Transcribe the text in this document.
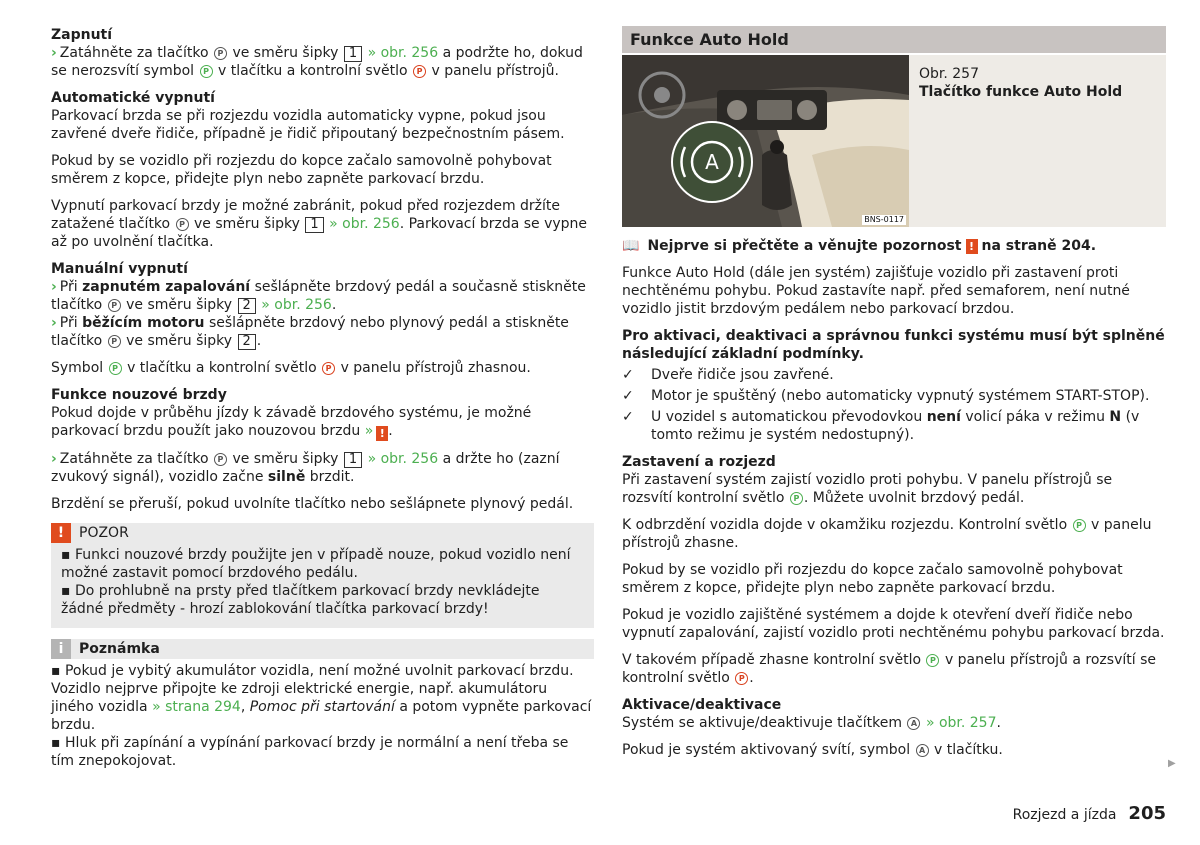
Zapnutí

› Zatáhněte za tlačítko P ve směru šipky 1 » obr. 256 a podržte ho, dokud se nerozsvítí symbol P v tlačítku a kontrolní světlo P v panelu přístrojů.

Automatické vypnutí

Parkovací brzda se při rozjezdu vozidla automaticky vypne, pokud jsou zavřené dveře řidiče, případně je řidič připoutaný bezpečnostním pásem.

Pokud by se vozidlo při rozjezdu do kopce začalo samovolně pohybovat směrem z kopce, přidejte plyn nebo zapněte parkovací brzdu.

Vypnutí parkovací brzdy je možné zabránit, pokud před rozjezdem držíte zatažené tlačítko P ve směru šipky 1 » obr. 256. Parkovací brzda se vypne až po uvolnění tlačítka.

Manuální vypnutí

› Při zapnutém zapalování sešlápněte brzdový pedál a současně stiskněte tlačítko P ve směru šipky 2 » obr. 256.

› Při běžícím motoru sešlápněte brzdový nebo plynový pedál a stiskněte tlačítko P ve směru šipky 2 .

Symbol P v tlačítku a kontrolní světlo P v panelu přístrojů zhasnou.

Funkce nouzové brzdy

Pokud dojde v průběhu jízdy k závadě brzdového systému, je možné parkovací brzdu použít jako nouzovou brzdu » ! .

› Zatáhněte za tlačítko P ve směru šipky 1 » obr. 256 a držte ho (zazní zvukový signál), vozidlo začne silně brzdit.

Brzdění se přeruší, pokud uvolníte tlačítko nebo sešlápnete plynový pedál.

!	POZOR

▪ Funkci nouzové brzdy použijte jen v případě nouze, pokud vozidlo není možné zastavit pomocí brzdového pedálu.

▪ Do prohlubně na prsty před tlačítkem parkovací brzdy nevkládejte žádné předměty - hrozí zablokování tlačítka parkovací brzdy!

i	Poznámka

▪ Pokud je vybitý akumulátor vozidla, není možné uvolnit parkovací brzdu. Vozidlo nejprve připojte ke zdroji elektrické energie, např. akumulátoru jiného vozidla » strana 294, Pomoc při startování a potom vypněte parkovací brzdu.

▪ Hluk při zapínání a vypínání parkovací brzdy je normální a není třeba se tím znepokojovat.

Funkce Auto Hold
A
BNS-0117

Obr. 257

Tlačítko funkce Auto Hold

📖 Nejprve si přečtěte a věnujte pozornost ! na straně 204.

Funkce Auto Hold (dále jen systém) zajišťuje vozidlo při zastavení proti nechtěnému pohybu. Pokud zastavíte např. před semaforem, není nutné vozidlo jistit brzdovým pedálem nebo parkovací brzdou.

Pro aktivaci, deaktivaci a správnou funkci systému musí být splněné následující základní podmínky.

✓	Dveře řidiče jsou zavřené.
✓	Motor je spuštěný (nebo automaticky vypnutý systémem START-STOP).
✓	U vozidel s automatickou převodovkou není volicí páka v režimu N (v tomto režimu je systém nedostupný).

Zastavení a rozjezd

Při zastavení systém zajistí vozidlo proti pohybu. V panelu přístrojů se rozsvítí kontrolní světlo P . Můžete uvolnit brzdový pedál.

K odbrzdění vozidla dojde v okamžiku rozjezdu. Kontrolní světlo P v panelu přístrojů zhasne.

Pokud by se vozidlo při rozjezdu do kopce začalo samovolně pohybovat směrem z kopce, přidejte plyn nebo zapněte parkovací brzdu.

Pokud je vozidlo zajištěné systémem a dojde k otevření dveří řidiče nebo vypnutí zapalování, zajistí vozidlo proti nechtěnému pohybu parkovací brzda.

V takovém případě zhasne kontrolní světlo P v panelu přístrojů a rozsvítí se kontrolní světlo P .

Aktivace/deaktivace

Systém se aktivuje/deaktivuje tlačítkem A » obr. 257.

Pokud je systém aktivovaný svítí, symbol A v tlačítku.

▶
Rozjezd a jízda 205
